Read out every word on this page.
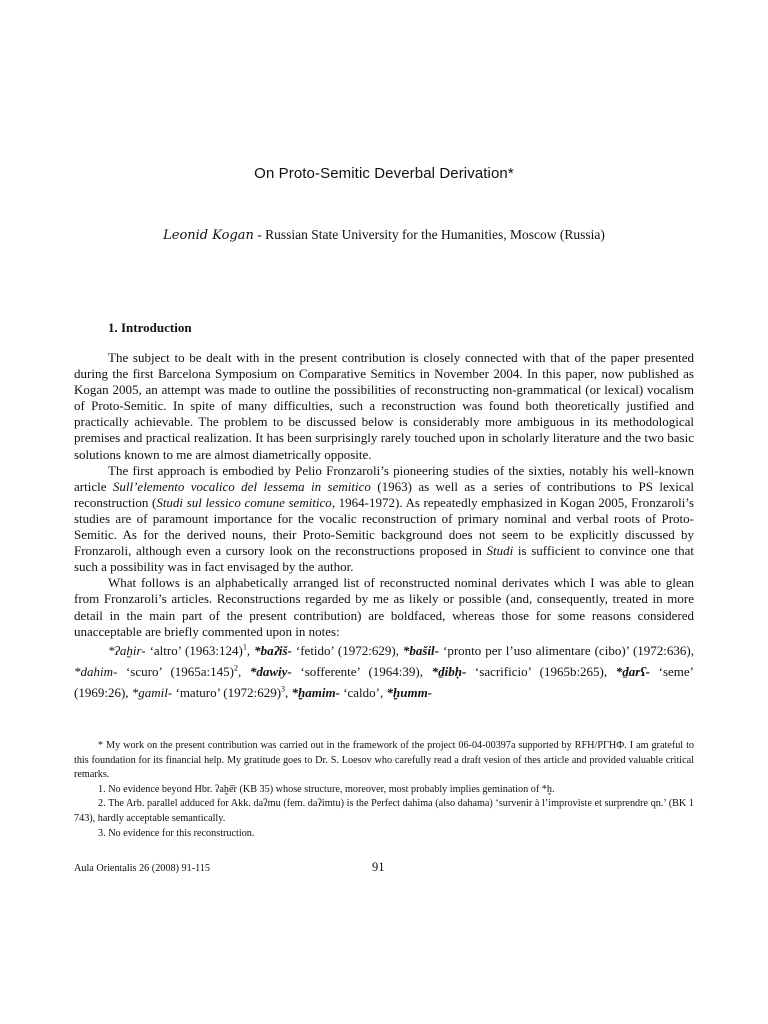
On Proto-Semitic Deverbal Derivation*
Leonid Kogan - Russian State University for the Humanities, Moscow (Russia)
1. Introduction

The subject to be dealt with in the present contribution is closely connected with that of the paper presented during the first Barcelona Symposium on Comparative Semitics in November 2004. In this paper, now published as Kogan 2005, an attempt was made to outline the possibilities of reconstructing non-grammatical (or lexical) vocalism of Proto-Semitic. In spite of many difficulties, such a reconstruction was found both theoretically justified and practically achievable. The problem to be discussed below is considerably more ambiguous in its methodological premises and practical realization. It has been surprisingly rarely touched upon in scholarly literature and the two basic solutions known to me are almost diametrically opposite.

The first approach is embodied by Pelio Fronzaroli’s pioneering studies of the sixties, notably his well-known article Sull’elemento vocalico del lessema in semitico (1963) as well as a series of contributions to PS lexical reconstruction (Studi sul lessico comune semitico, 1964-1972). As repeatedly emphasized in Kogan 2005, Fronzaroli’s studies are of paramount importance for the vocalic reconstruction of primary nominal and verbal roots of Proto-Semitic. As for the derived nouns, their Proto-Semitic background does not seem to be explicitly discussed by Fronzaroli, although even a cursory look on the reconstructions proposed in Studi is sufficient to convince one that such a possibility was in fact envisaged by the author.

What follows is an alphabetically arranged list of reconstructed nominal derivates which I was able to glean from Fronzaroli’s articles. Reconstructions regarded by me as likely or possible (and, consequently, treated in more detail in the main part of the present contribution) are boldfaced, whereas those for some reasons considered unacceptable are briefly commented upon in notes:

*ʔaḫir- ‘altro’ (1963:124)$^1$, *baʔiš- ‘fetido’ (1972:629), *bašil- ‘pronto per l’uso alimentare (cibo)’ (1972:636), *dahim- ‘scuro’ (1965a:145)$^2$, *dawiy- ‘sofferente’ (1964:39), *ḏibḥ- ‘sacrificio’ (1965b:265), *ḏarʕ- ‘seme’ (1969:26), *gamil- ‘maturo’ (1972:629)$^3$, *ḫamim- ‘caldo’, *ḫumm-

* My work on the present contribution was carried out in the framework of the project 06-04-00397a supported by RFH/РГНФ. I am grateful to this foundation for its financial help. My gratitude goes to Dr. S. Loesov who carefully read a draft vesion of thes article and provided valuable critical remarks.

1. No evidence beyond Hbr. ʔaḫē̄r (KB 35) whose structure, moreover, most probably implies gemination of *ḫ.

2. The Arb. parallel adduced for Akk. daʔmu (fem. daʔimtu) is the Perfect dahima (also dahama) ‘survenir à l’improviste et surprendre qn.’ (BK 1 743), hardly acceptable semantically.

3. No evidence for this reconstruction.

Aula Orientalis 26 (2008) 91-115	91
